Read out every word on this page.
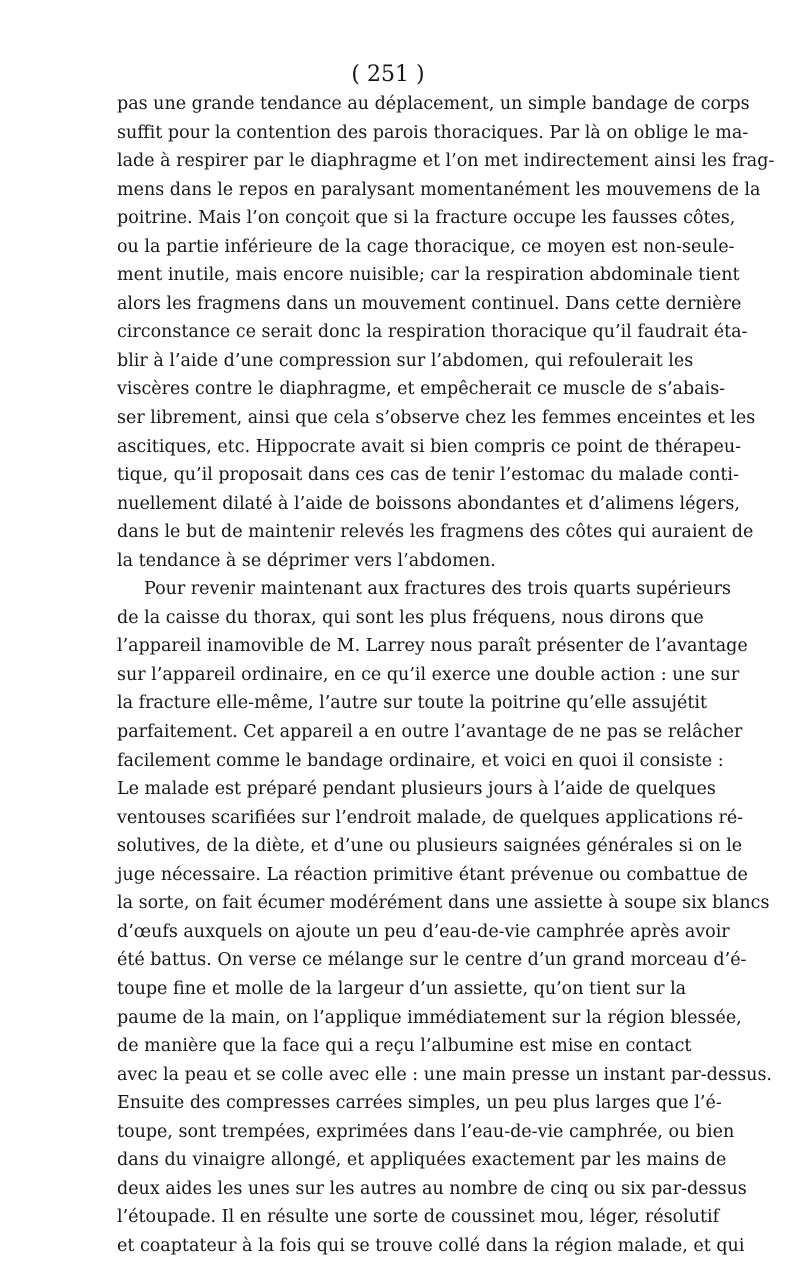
( 251 )
pas une grande tendance au déplacement, un simple bandage de corps
suffit pour la contention des parois thoraciques. Par là on oblige le ma-
lade à respirer par le diaphragme et l’on met indirectement ainsi les frag-
mens dans le repos en paralysant momentanément les mouvemens de la
poitrine. Mais l’on conçoit que si la fracture occupe les fausses côtes,
ou la partie inférieure de la cage thoracique, ce moyen est non-seule-
ment inutile, mais encore nuisible; car la respiration abdominale tient
alors les fragmens dans un mouvement continuel. Dans cette dernière
circonstance ce serait donc la respiration thoracique qu’il faudrait éta-
blir à l’aide d’une compression sur l’abdomen, qui refoulerait les
viscères contre le diaphragme, et empêcherait ce muscle de s’abais-
ser librement, ainsi que cela s’observe chez les femmes enceintes et les
ascitiques, etc. Hippocrate avait si bien compris ce point de thérapeu-
tique, qu’il proposait dans ces cas de tenir l’estomac du malade conti-
nuellement dilaté à l’aide de boissons abondantes et d’alimens légers,
dans le but de maintenir relevés les fragmens des côtes qui auraient de
la tendance à se déprimer vers l’abdomen.
Pour revenir maintenant aux fractures des trois quarts supérieurs
de la caisse du thorax, qui sont les plus fréquens, nous dirons que
l’appareil inamovible de M. Larrey nous paraît présenter de l’avantage
sur l’appareil ordinaire, en ce qu’il exerce une double action : une sur
la fracture elle-même, l’autre sur toute la poitrine qu’elle assujétit
parfaitement. Cet appareil a en outre l’avantage de ne pas se relâcher
facilement comme le bandage ordinaire, et voici en quoi il consiste :
Le malade est préparé pendant plusieurs jours à l’aide de quelques
ventouses scarifiées sur l’endroit malade, de quelques applications ré-
solutives, de la diète, et d’une ou plusieurs saignées générales si on le
juge nécessaire. La réaction primitive étant prévenue ou combattue de
la sorte, on fait écumer modérément dans une assiette à soupe six blancs
d’œufs auxquels on ajoute un peu d’eau-de-vie camphrée après avoir
été battus. On verse ce mélange sur le centre d’un grand morceau d’é-
toupe fine et molle de la largeur d’un assiette, qu’on tient sur la
paume de la main, on l’applique immédiatement sur la région blessée,
de manière que la face qui a reçu l’albumine est mise en contact
avec la peau et se colle avec elle : une main presse un instant par-dessus.
Ensuite des compresses carrées simples, un peu plus larges que l’é-
toupe, sont trempées, exprimées dans l’eau-de-vie camphrée, ou bien
dans du vinaigre allongé, et appliquées exactement par les mains de
deux aides les unes sur les autres au nombre de cinq ou six par-dessus
l’étoupade. Il en résulte une sorte de coussinet mou, léger, résolutif
et coaptateur à la fois qui se trouve collé dans la région malade, et qui
